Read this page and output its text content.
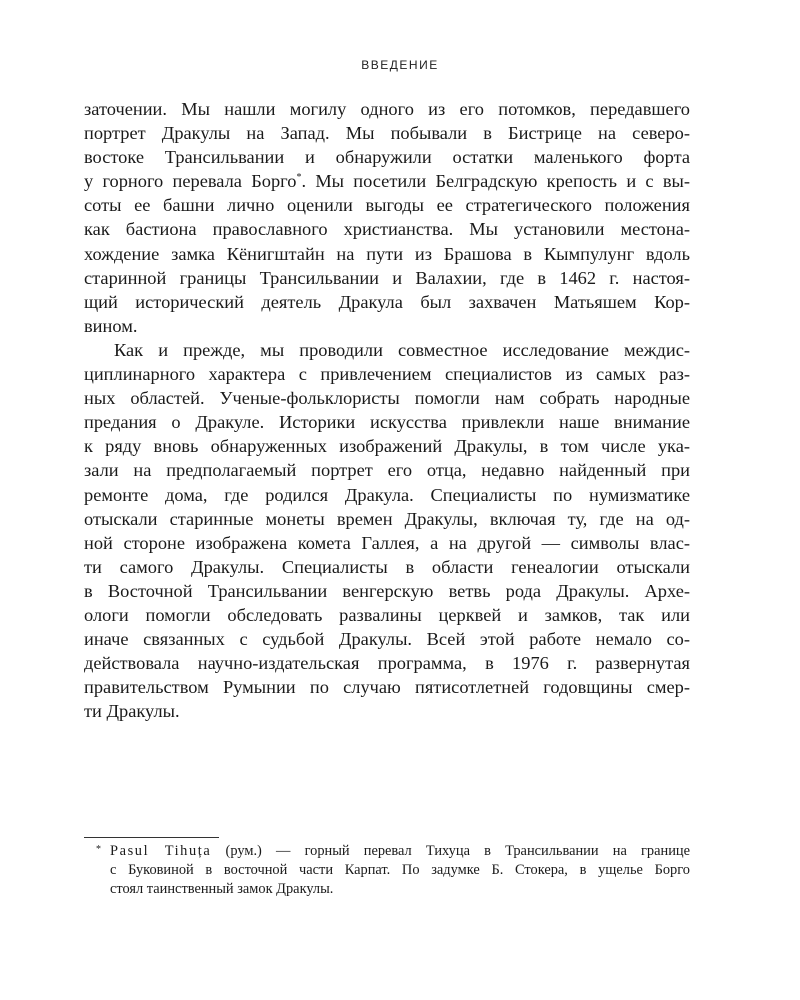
ВВЕДЕНИЕ

заточении. Мы нашли могилу одного из его потомков, передавшего
портрет Дракулы на Запад. Мы побывали в Бистрице на северо-
востоке Трансильвании и обнаружили остатки маленького форта
у горного перевала Борго*. Мы посетили Белградскую крепость и с вы-
соты ее башни лично оценили выгоды ее стратегического положения
как бастиона православного христианства. Мы установили местона-
хождение замка Кёнигштайн на пути из Брашова в Кымпулунг вдоль
старинной границы Трансильвании и Валахии, где в 1462 г. настоя-
щий исторический деятель Дракула был захвачен Матьяшем Кор-
вином.

Как и прежде, мы проводили совместное исследование междис-
циплинарного характера с привлечением специалистов из самых раз-
ных областей. Ученые-фольклористы помогли нам собрать народные
предания о Дракуле. Историки искусства привлекли наше внимание
к ряду вновь обнаруженных изображений Дракулы, в том числе ука-
зали на предполагаемый портрет его отца, недавно найденный при
ремонте дома, где родился Дракула. Специалисты по нумизматике
отыскали старинные монеты времен Дракулы, включая ту, где на од-
ной стороне изображена комета Галлея, а на другой — символы влас-
ти самого Дракулы. Специалисты в области генеалогии отыскали
в Восточной Трансильвании венгерскую ветвь рода Дракулы. Архе-
ологи помогли обследовать развалины церквей и замков, так или
иначе связанных с судьбой Дракулы. Всей этой работе немало со-
действовала научно-издательская программа, в 1976 г. развернутая
правительством Румынии по случаю пятисотлетней годовщины смер-
ти Дракулы.

* Pasul Tihuța (рум.) — горный перевал Тихуца в Трансильвании на границе
с Буковиной в восточной части Карпат. По задумке Б. Стокера, в ущелье Борго
стоял таинственный замок Дракулы.
